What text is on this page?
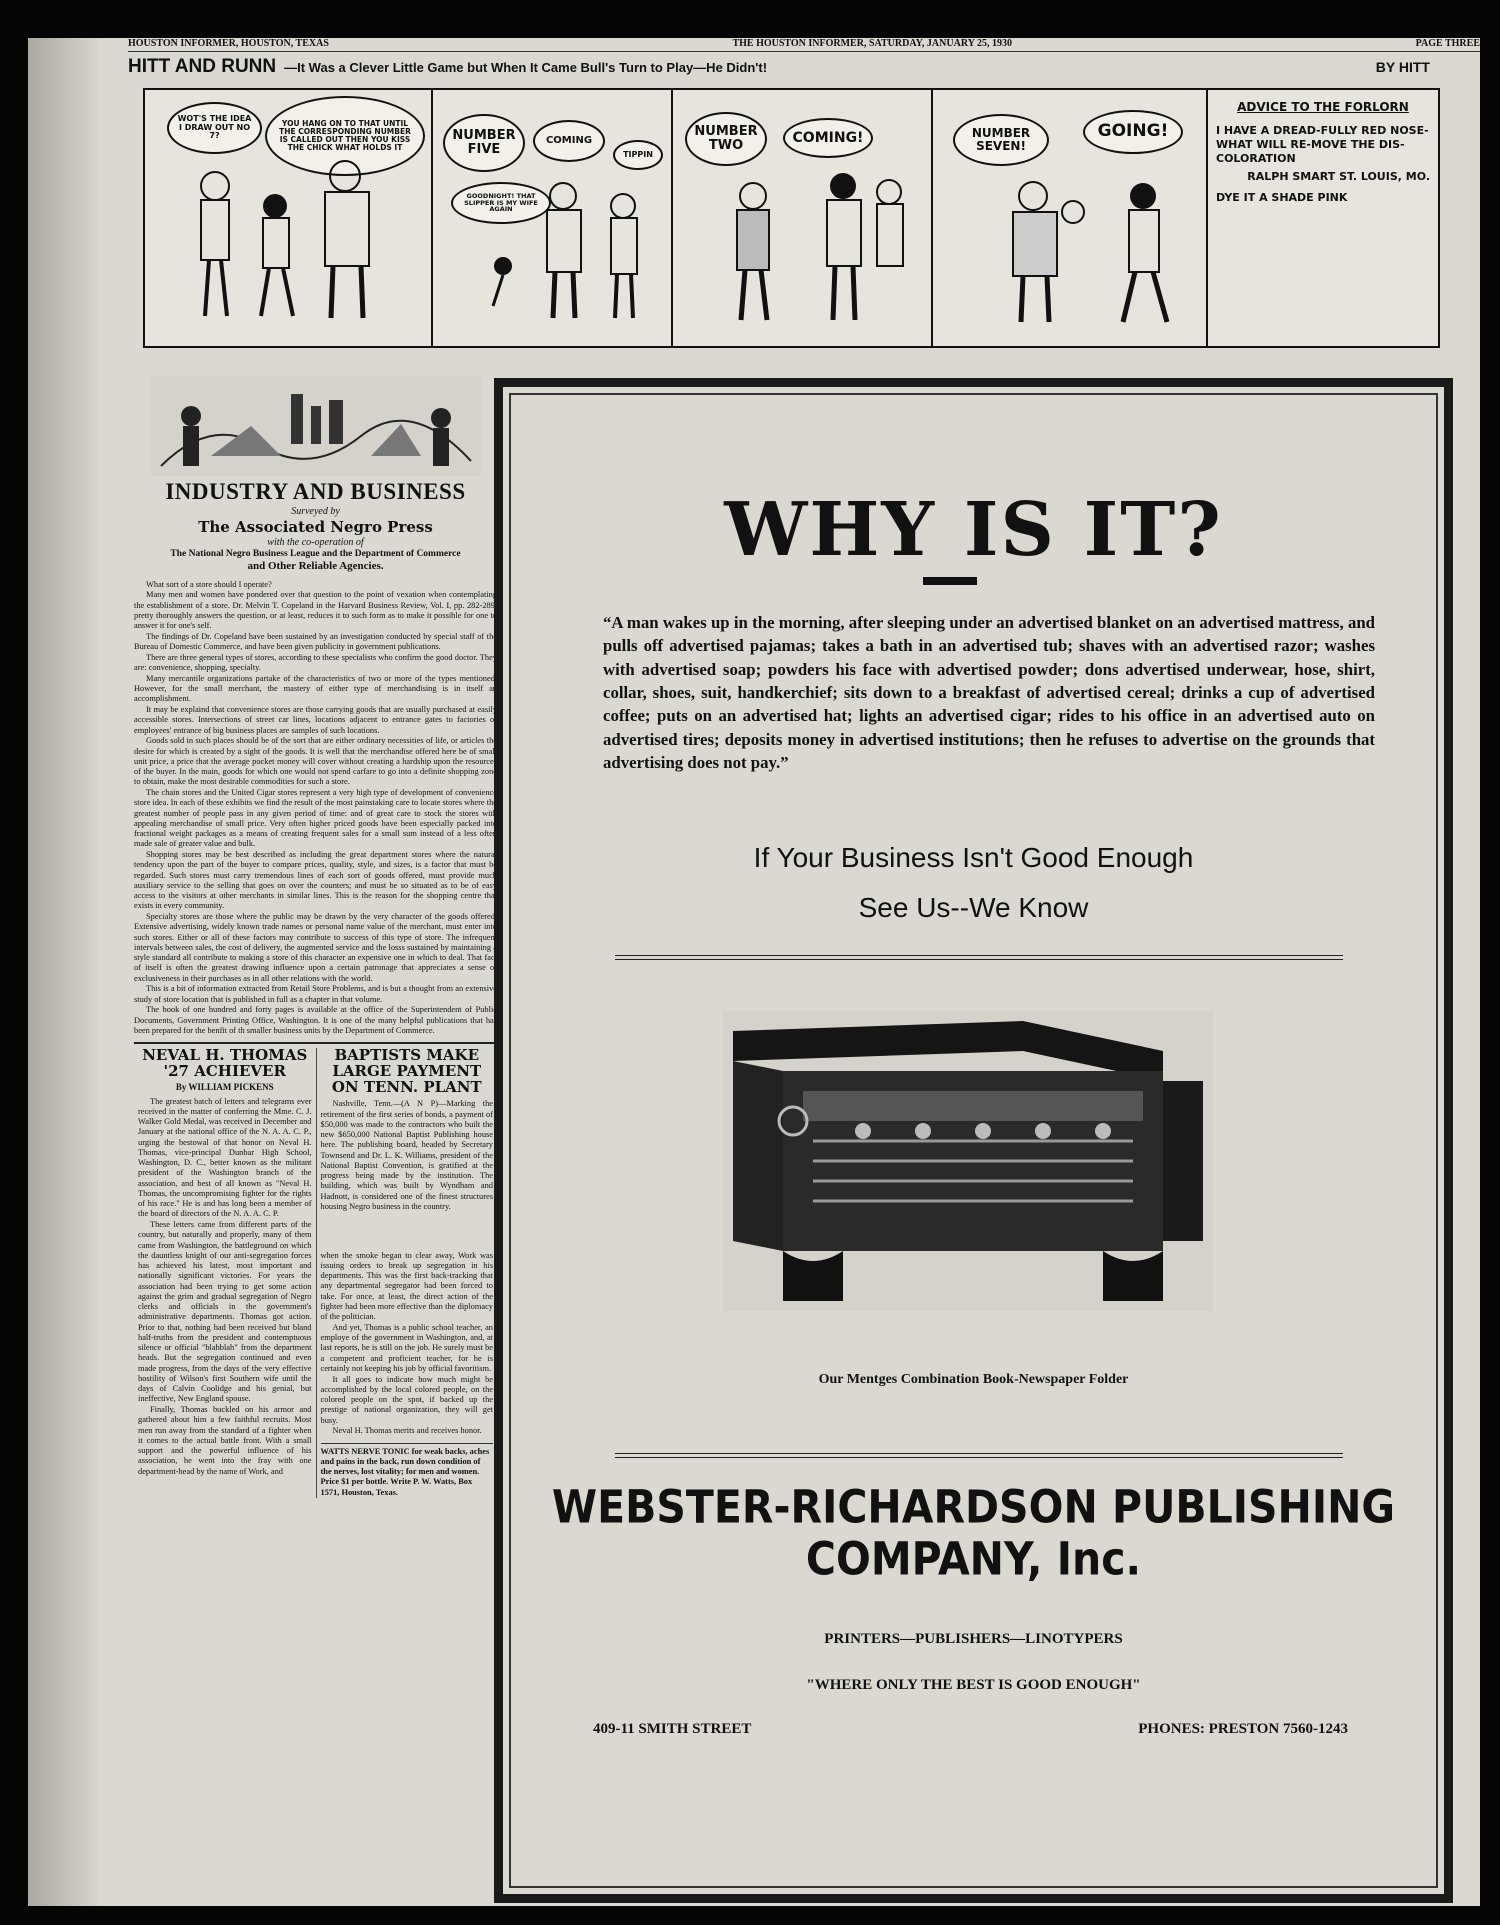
HOUSTON INFORMER, HOUSTON, TEXAS	THE HOUSTON INFORMER, SATURDAY, JANUARY 25, 1930	PAGE THREE
HITT AND RUNN —It Was a Clever Little Game but When It Came Bull's Turn to Play—He Didn't!	BY HITT
WOT'S THE IDEA I DRAW OUT NO 7?
YOU HANG ON TO THAT UNTIL THE CORRESPONDING NUMBER IS CALLED OUT THEN YOU KISS THE CHICK WHAT HOLDS IT
NUMBER FIVE
COMING
GOODNIGHT! THAT SLIPPER IS MY WIFE AGAIN
TIPPIN
NUMBER TWO	COMING!	NUMBER SEVEN!
GOING!
ADVICE TO THE FORLORN
I HAVE A DREAD-FULLY RED NOSE-WHAT WILL RE-MOVE THE DIS-COLORATION
RALPH SMART ST. LOUIS, MO.
DYE IT A SHADE PINK
INDUSTRY AND BUSINESS
Surveyed by
The Associated Negro Press
with the co-operation of
The National Negro Business League and the Department of Commerce
and Other Reliable Agencies.

What sort of a store should I operate?

Many men and women have pondered over that question to the point of vexation when contemplating the establishment of a store. Dr. Melvin T. Copeland in the Harvard Business Review, Vol. I, pp. 282-289, pretty thoroughly answers the question, or at least, reduces it to such form as to make it possible for one to answer it for one's self.

The findings of Dr. Copeland have been sustained by an investigation conducted by special staff of the Bureau of Domestic Commerce, and have been given publicity in government publications.

There are three general types of stores, according to these specialists who confirm the good doctor. They are: convenience, shopping, specialty.

Many mercantile organizations partake of the characteristics of two or more of the types mentioned. However, for the small merchant, the mastery of either type of merchandising is in itself an accomplishment.

It may be explaind that convenience stores are those carrying goods that are usually purchased at easily accessible stores. Intersections of street car lines, locations adjacent to entrance gates to factories or employees' entrance of big business places are samples of such locations.

Goods sold in such places should be of the sort that are either ordinary necessities of life, or articles the desire for which is created by a sight of the goods. It is well that the merchandise offered here be of small unit price, a price that the average pocket money will cover without creating a hardship upon the resources of the buyer. In the main, goods for which one would not spend carfare to go into a definite shopping zone to obtain, make the most desirable commodities for such a store.

The chain stores and the United Cigar stores represent a very high type of development of convenience store idea. In each of these exhibits we find the result of the most painstaking care to locate stores where the greatest number of people pass in any given period of time: and of great care to stock the stores with appealing merchandise of small price. Very often higher priced goods have been especially packed into fractional weight packages as a means of creating frequent sales for a small sum instead of a less often made sale of greater value and bulk.

Shopping stores may be best described as including the great department stores where the natural tendency upon the part of the buyer to compare prices, quality, style, and sizes, is a factor that must be regarded. Such stores must carry tremendous lines of each sort of goods offered, must provide much auxiliary service to the selling that goes on over the counters; and must be so situated as to be of easy access to the visitors at other merchants in similar lines. This is the reason for the shopping centre that exists in every community.

Specialty stores are those where the public may be drawn by the very character of the goods offered. Extensive advertising, widely known trade names or personal name value of the merchant, must enter into such stores. Either or all of these factors may contribute to success of this type of store. The infrequent intervals between sales, the cost of delivery, the augmented service and the losss sustained by maintaining a style standard all contribute to making a store of this character an expensive one in which to deal. That fact of itself is often the greatest drawing influence upon a certain patronage that appreciates a sense of exclusiveness in their purchases as in all other relations with the world.

This is a bit of information extracted from Retail Store Problems, and is but a thought from an extensive study of store location that is published in full as a chapter in that volume.

The book of one hundred and forty pages is available at the office of the Superintendent of Public Documents, Government Printing Office, Washington. It is one of the many helpful publications that has been prepared for the benfit of th smaller business units by the Department of Commerce.

NEVAL H. THOMAS
'27 ACHIEVER
By WILLIAM PICKENS

The greatest batch of letters and telegrams ever received in the matter of conferring the Mme. C. J. Walker Gold Medal, was received in December and January at the national office of the N. A. A. C. P., urging the bestowal of that honor on Neval H. Thomas, vice-principal Dunbar High School, Washington, D. C., better known as the militant president of the Washington branch of the association, and best of all known as "Neval H. Thomas, the uncompromising fighter for the rights of his race." He is and has long been a member of the board of directors of the N. A. A. C. P.

These letters came from different parts of the country, but naturally and properly, many of them came from Washington, the battleground on which the dauntless knight of our anti-segregation forces has achieved his latest, most important and nationally significant victories. For years the association had been trying to get some action against the grim and gradual segregation of Negro clerks and officials in the government's administrative departments. Thomas got action. Prior to that, nothing had been received but bland half-truths from the president and contemptuous silence or official "blahblah" from the department heads. But the segregation continued and even made progress, from the days of the very effective hostility of Wilson's first Southern wife until the days of Calvin Coolidge and his genial, but ineffective, New England spouse.

Finally, Thomas buckled on his armor and gathered about him a few faithful recruits. Most men run away from the standard of a fighter when it comes to the actual battle front. With a small support and the powerful influence of his association, he went into the fray with one department-head by the name of Work, and

BAPTISTS MAKE
LARGE PAYMENT
ON TENN. PLANT

Nashville, Tenn.—(A N P)—Marking the retirement of the first series of bonds, a payment of $50,000 was made to the contractors who built the new $650,000 National Baptist Publishing house here. The publishing board, headed by Secretary Townsend and Dr. L. K. Williams, president of the National Baptist Convention, is gratified at the progress being made by the institution. The building, which was built by Wyndham and Hadnott, is considered one of the finest structures housing Negro business in the country.

when the smoke began to clear away, Work was issuing orders to break up segregation in his departments. This was the first back-tracking that any departmental segregator had been forced to take. For once, at least, the direct action of the fighter had been more effective than the diplomacy of the politician.

And yet, Thomas is a public school teacher, an employe of the government in Washington, and, at last reports, he is still on the job. He surely must be a competent and proficient teacher, for he is certainly not keeping his job by official favoritism.

It all goes to indicate how much might be accomplished by the local colored people, on the colored people on the spot, if backed up the prestige of national organization, they will get busy.

Neval H. Thomas merits and receives honor.

WATTS NERVE TONIC for weak backs, aches and pains in the back, run down condition of the nerves, lost vitality; for men and women. Price $1 per bottle. Write P. W. Watts, Box 1571, Houston, Texas.
WHY IS IT?
“A man wakes up in the morning, after sleeping under an advertised blanket on an advertised mattress, and pulls off advertised pajamas; takes a bath in an advertised tub; shaves with an advertised razor; washes with advertised soap; powders his face with advertised powder; dons advertised underwear, hose, shirt, collar, shoes, suit, handkerchief; sits down to a breakfast of advertised cereal; drinks a cup of advertised coffee; puts on an advertised hat; lights an advertised cigar; rides to his office in an advertised auto on advertised tires; deposits money in advertised institutions; then he refuses to advertise on the grounds that advertising does not pay.”
If Your Business Isn't Good Enough
See Us--We Know
Our Mentges Combination Book-Newspaper Folder
WEBSTER-RICHARDSON PUBLISHING
COMPANY, Inc.
PRINTERS—PUBLISHERS—LINOTYPERS
"WHERE ONLY THE BEST IS GOOD ENOUGH"
409-11 SMITH STREET	PHONES: PRESTON 7560-1243
